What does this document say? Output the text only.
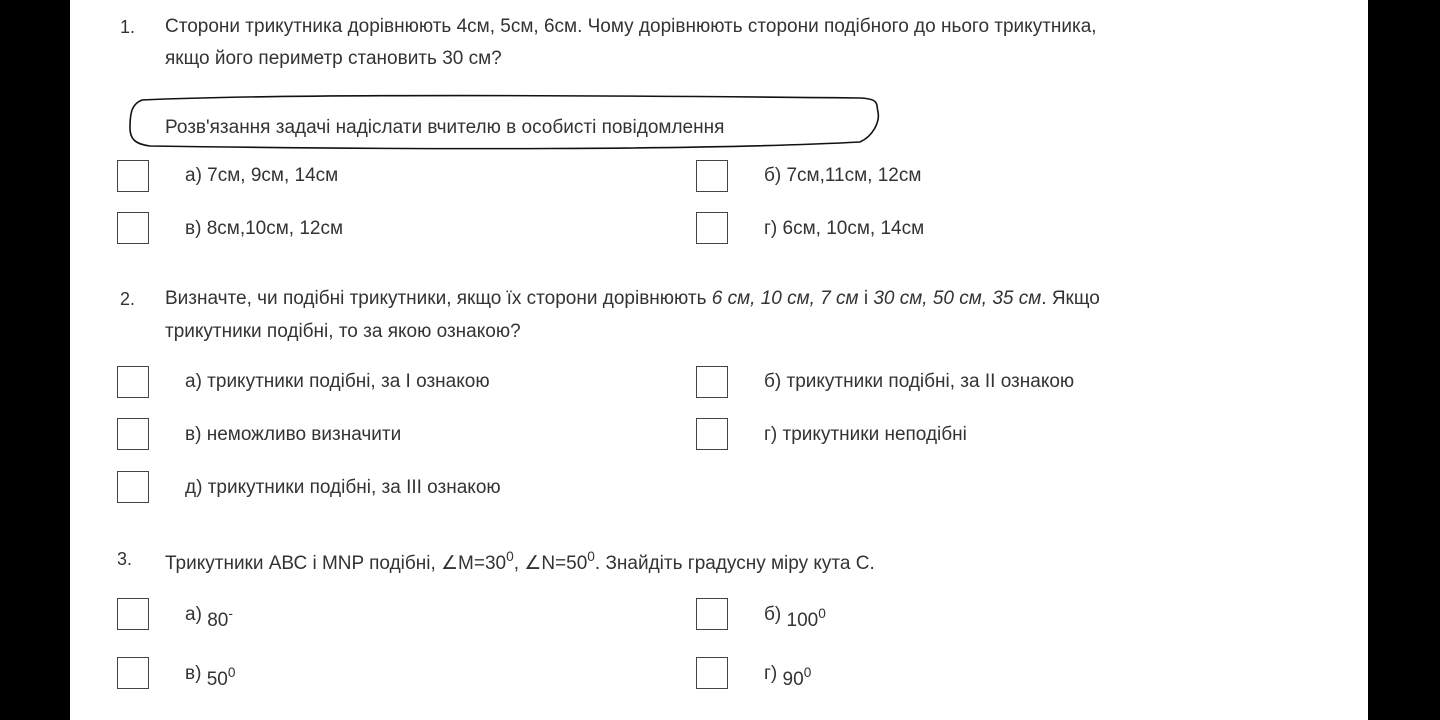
1. Сторони трикутника дорівнюють 4см, 5см, 6см. Чому дорівнюють сторони подібного до нього трикутника,
якщо його периметр становить 30 см?
Розв'язання задачі надіслати вчителю в особисті повідомлення
а) 7см, 9см, 14см	б) 7см,11см, 12см
в) 8см,10см, 12см	г) 6см, 10см, 14см
2. Визначте, чи подібні трикутники, якщо їх сторони дорівнюють 6 см, 10 см, 7 см і 30 см, 50 см, 35 см. Якщо
трикутники подібні, то за якою ознакою?
а) трикутники подібні, за І ознакою	б) трикутники подібні, за ІІ ознакою
в) неможливо визначити	г) трикутники неподібні
д) трикутники подібні, за ІІІ ознакою
3. Трикутники АВС і MNP подібні, $\angle M=30^0$, $\angle N=50^0$. Знайдіть градусну міру кута С.
а) 80-	б) $100^0$
в) $50^0$	г) $90^0$
